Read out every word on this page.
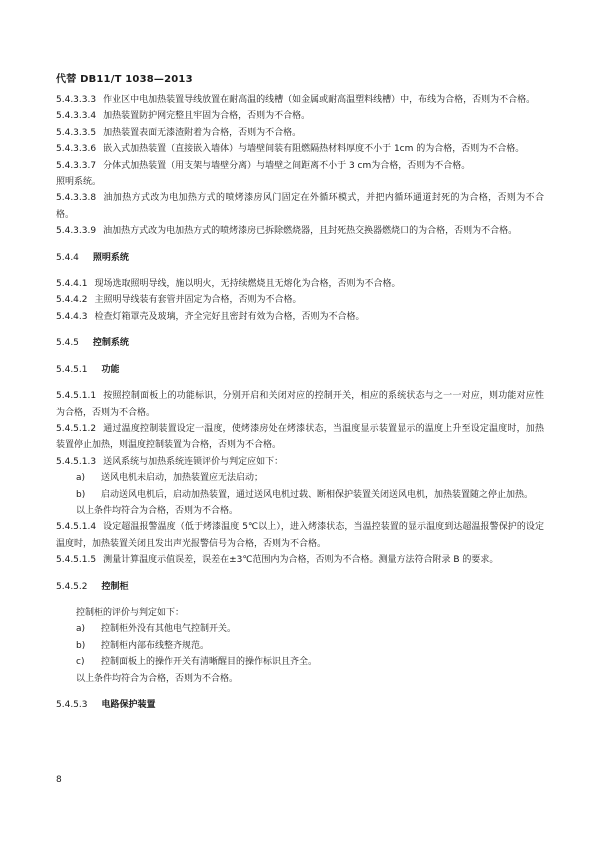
代替 DB11/T 1038—2013

5.4.3.3.3 作业区中电加热装置导线放置在耐高温的线槽（如金属或耐高温塑料线槽）中，布线为合格，否则为不合格。

5.4.3.3.4 加热装置防护网完整且牢固为合格，否则为不合格。

5.4.3.3.5 加热装置表面无漆渣附着为合格，否则为不合格。

5.4.3.3.6 嵌入式加热装置（直接嵌入墙体）与墙壁间装有阻燃隔热材料厚度不小于 1cm 的为合格，否则为不合格。

5.4.3.3.7 分体式加热装置（用支架与墙壁分离）与墙壁之间距离不小于 3 cm为合格，否则为不合格。

照明系统。

5.4.3.3.8 油加热方式改为电加热方式的喷烤漆房风门固定在外循环模式，并把内循环通道封死的为合格，否则为不合格。

5.4.3.3.9 油加热方式改为电加热方式的喷烤漆房已拆除燃烧器，且封死热交换器燃烧口的为合格，否则为不合格。

5.4.4 照明系统

5.4.4.1 现场选取照明导线，施以明火，无持续燃烧且无熔化为合格，否则为不合格。

5.4.4.2 主照明导线装有套管并固定为合格，否则为不合格。

5.4.4.3 检查灯箱罩壳及玻璃，齐全完好且密封有效为合格，否则为不合格。

5.4.5 控制系统

5.4.5.1 功能

5.4.5.1.1 按照控制面板上的功能标识，分别开启和关闭对应的控制开关，相应的系统状态与之一一对应，则功能对应性为合格，否则为不合格。

5.4.5.1.2 通过温度控制装置设定一温度，使烤漆房处在烤漆状态，当温度显示装置显示的温度上升至设定温度时，加热装置停止加热，则温度控制装置为合格，否则为不合格。

5.4.5.1.3 送风系统与加热系统连锁评价与判定应如下：

a) 送风电机未启动，加热装置应无法启动；

b) 启动送风电机后，启动加热装置，通过送风电机过载、断相保护装置关闭送风电机，加热装置随之停止加热。

以上条件均符合为合格，否则为不合格。

5.4.5.1.4 设定超温报警温度（低于烤漆温度 5℃以上），进入烤漆状态，当温控装置的显示温度到达超温报警保护的设定温度时，加热装置关闭且发出声光报警信号为合格，否则为不合格。

5.4.5.1.5 测量计算温度示值误差，误差在±3℃范围内为合格，否则为不合格。测量方法符合附录 B 的要求。

5.4.5.2 控制柜

控制柜的评价与判定如下：

a) 控制柜外没有其他电气控制开关。

b) 控制柜内部布线整齐规范。

c) 控制面板上的操作开关有清晰醒目的操作标识且齐全。

以上条件均符合为合格，否则为不合格。

5.4.5.3 电路保护装置

8
